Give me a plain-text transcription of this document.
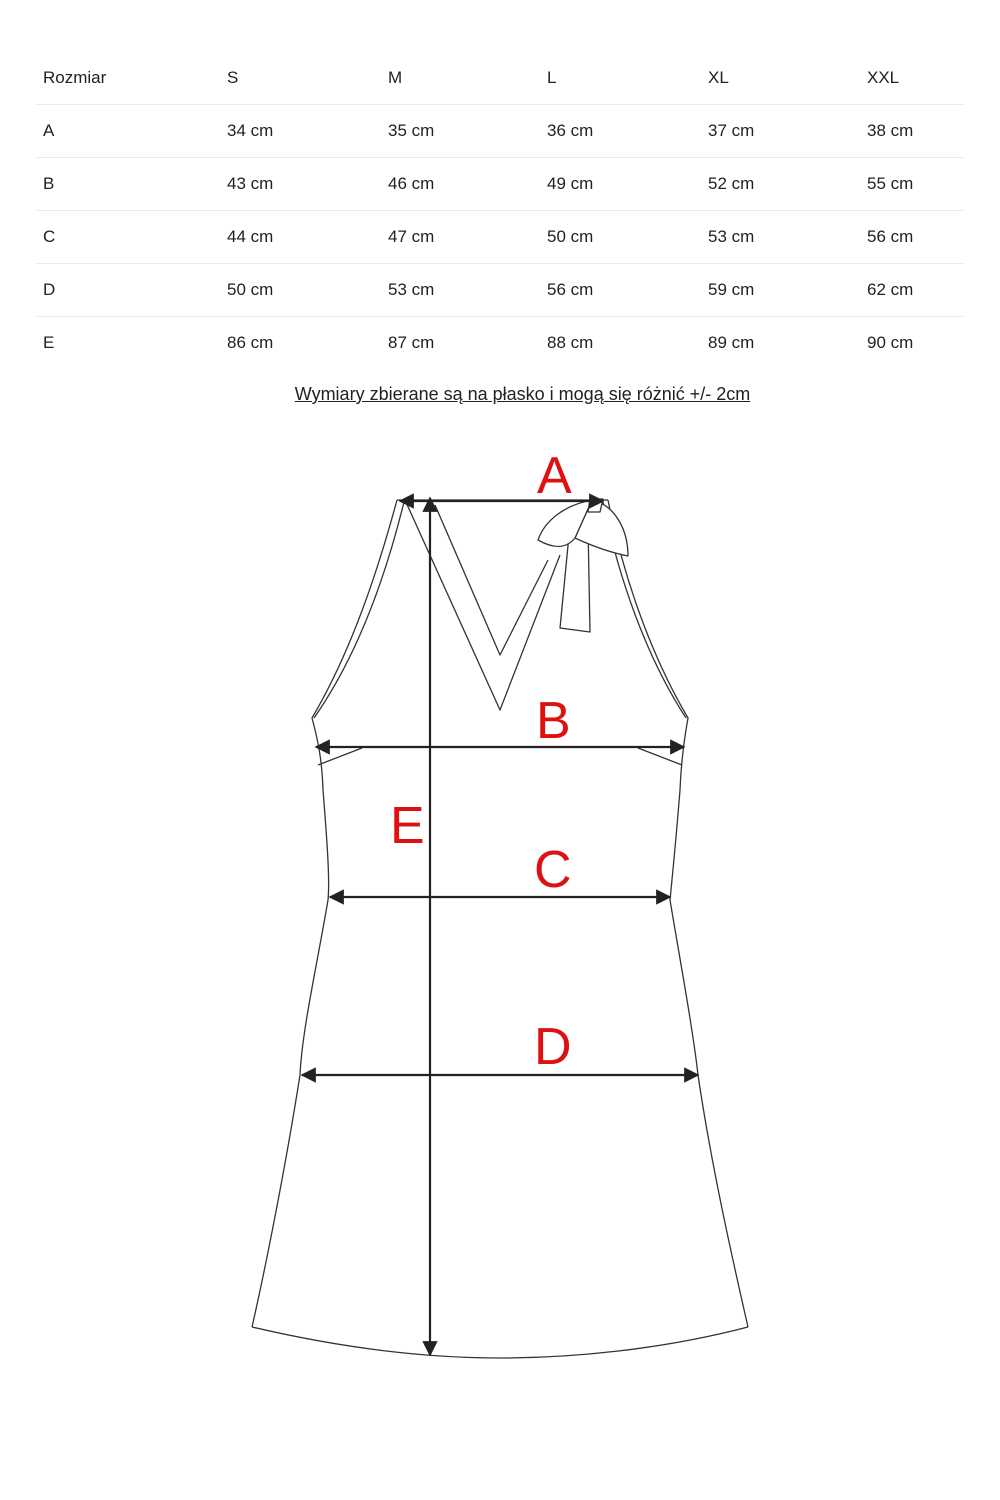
Rozmiar	S	M	L	XL	XXL
A	34 cm	35 cm	36 cm	37 cm	38 cm
B	43 cm	46 cm	49 cm	52 cm	55 cm
C	44 cm	47 cm	50 cm	53 cm	56 cm
D	50 cm	53 cm	56 cm	59 cm	62 cm
E	86 cm	87 cm	88 cm	89 cm	90 cm
Wymiary zbierane są na płasko i mogą się różnić +/- 2cm
A
B
C
D
E
